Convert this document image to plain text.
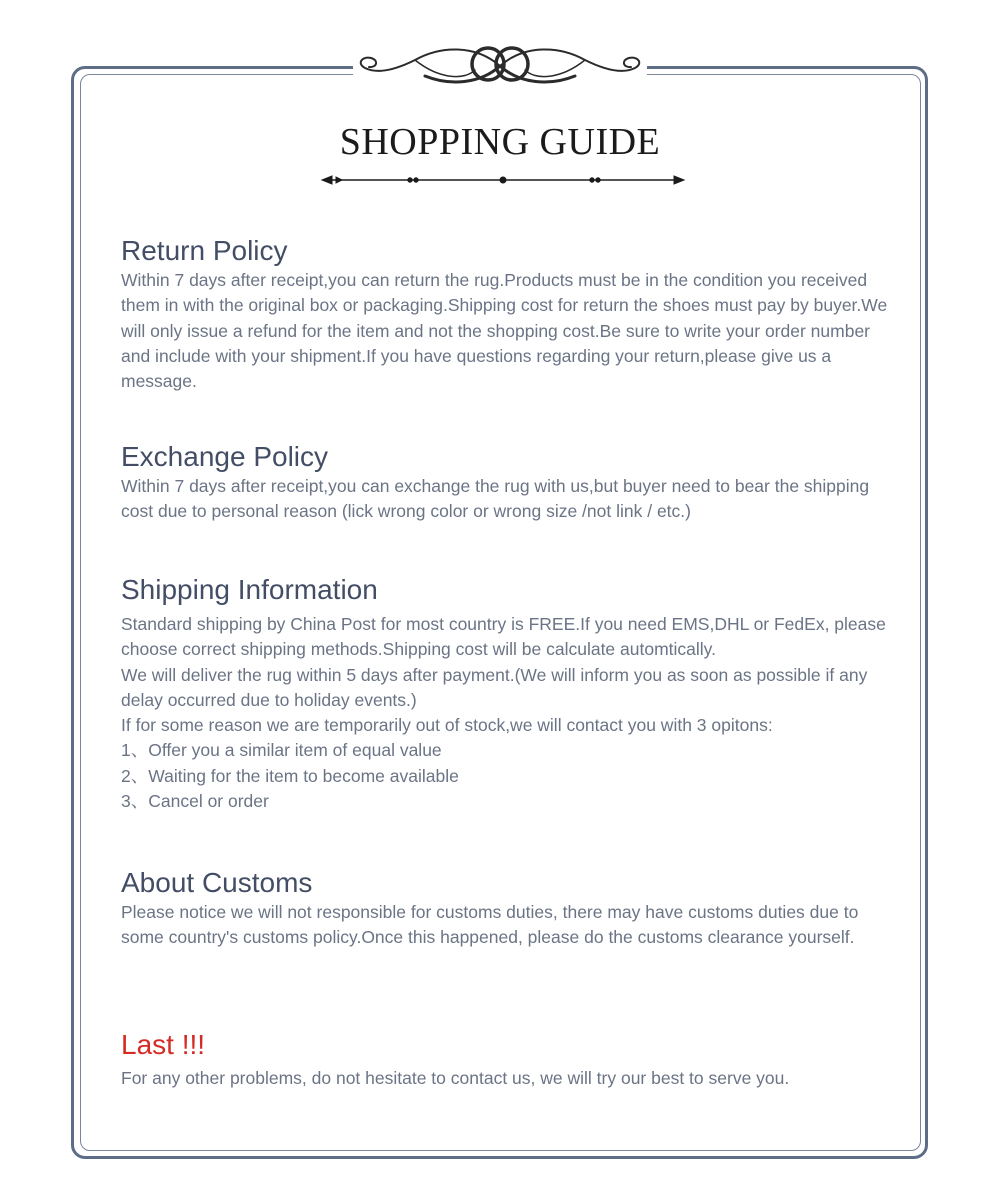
SHOPPING GUIDE
Return Policy

Within 7 days after receipt,you can return the rug.Products must be in the condition you received them in with the original box or packaging.Shipping cost for return the shoes must pay by buyer.We will only issue a refund for the item and not the shopping cost.Be sure to write your order number and include with your shipment.If you have questions regarding your return,please give us a message.

Exchange Policy

Within 7 days after receipt,you can exchange the rug with us,but buyer need to bear the shipping cost due to personal reason (lick wrong color or wrong size /not link / etc.)

Shipping Information
Standard shipping by China Post for most country is FREE.If you need EMS,DHL or FedEx, please choose correct shipping methods.Shipping cost will be calculate automtically.
We will deliver the rug within 5 days after payment.(We will inform you as soon as possible if any delay occurred due to holiday events.)
If for some reason we are temporarily out of stock,we will contact you with 3 opitons:
1、Offer you a similar item of equal value
2、Waiting for the item to become available
3、Cancel or order
About Customs

Please notice we will not responsible for customs duties, there may have customs duties due to some country's customs policy.Once this happened, please do the customs clearance yourself.

Last !!!

For any other problems, do not hesitate to contact us, we will try our best to serve you.
